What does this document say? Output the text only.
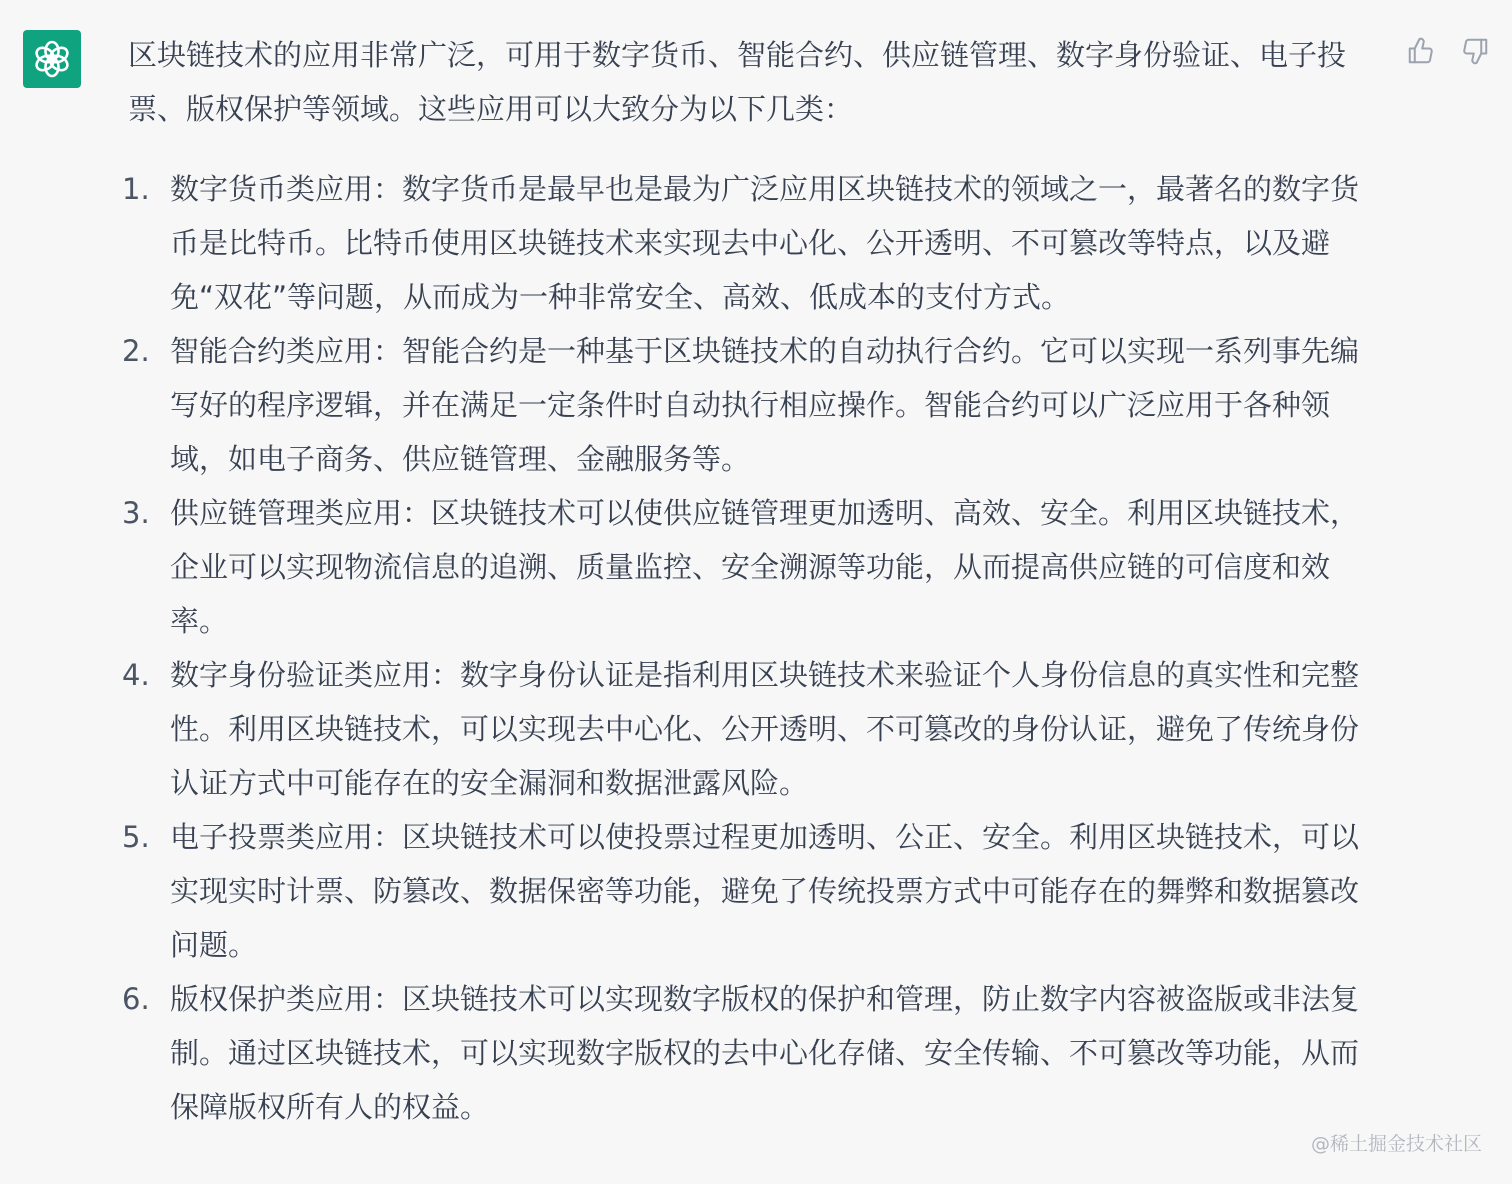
区块链技术的应用非常广泛，可用于数字货币、智能合约、供应链管理、数字身份验证、电子投票、版权保护等领域。这些应用可以大致分为以下几类：

1. 数字货币类应用：数字货币是最早也是最为广泛应用区块链技术的领域之一，最著名的数字货币是比特币。比特币使用区块链技术来实现去中心化、公开透明、不可篡改等特点，以及避免“双花”等问题，从而成为一种非常安全、高效、低成本的支付方式。
2. 智能合约类应用：智能合约是一种基于区块链技术的自动执行合约。它可以实现一系列事先编写好的程序逻辑，并在满足一定条件时自动执行相应操作。智能合约可以广泛应用于各种领域，如电子商务、供应链管理、金融服务等。
3. 供应链管理类应用：区块链技术可以使供应链管理更加透明、高效、安全。利用区块链技术，企业可以实现物流信息的追溯、质量监控、安全溯源等功能，从而提高供应链的可信度和效率。
4. 数字身份验证类应用：数字身份认证是指利用区块链技术来验证个人身份信息的真实性和完整性。利用区块链技术，可以实现去中心化、公开透明、不可篡改的身份认证，避免了传统身份认证方式中可能存在的安全漏洞和数据泄露风险。
5. 电子投票类应用：区块链技术可以使投票过程更加透明、公正、安全。利用区块链技术，可以实现实时计票、防篡改、数据保密等功能，避免了传统投票方式中可能存在的舞弊和数据篡改问题。
6. 版权保护类应用：区块链技术可以实现数字版权的保护和管理，防止数字内容被盗版或非法复制。通过区块链技术，可以实现数字版权的去中心化存储、安全传输、不可篡改等功能，从而保障版权所有人的权益。
@稀土掘金技术社区
